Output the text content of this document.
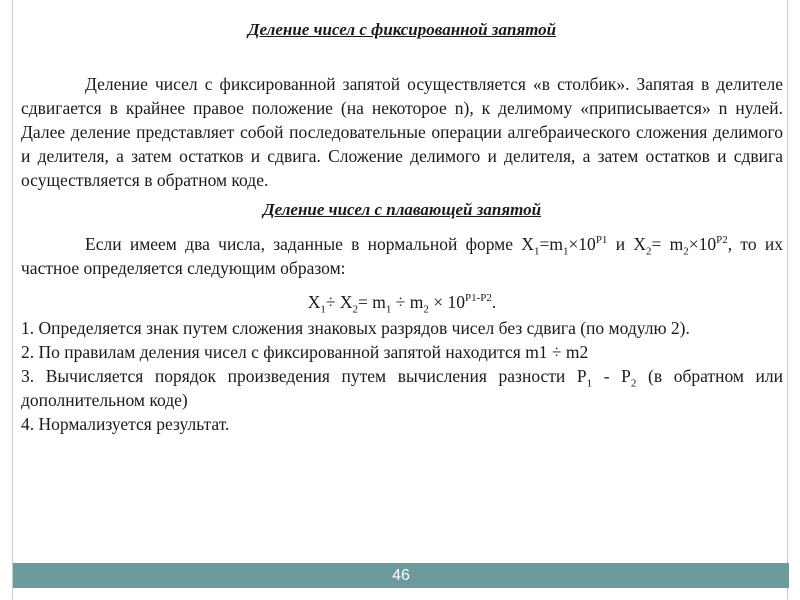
Деление чисел с фиксированной запятой

Деление чисел с фиксированной запятой осуществляется «в столбик». Запятая в делителе сдвигается в крайнее правое положение (на некоторое n), к делимому «приписывается» n нулей. Далее деление представляет собой последовательные операции алгебраического сложения делимого и делителя, а затем остатков и сдвига. Сложение делимого и делителя, а затем остатков и сдвига осуществляется в обратном коде.

Деление чисел с плавающей запятой

Если имеем два числа, заданные в нормальной форме $X_1=m_1\times 10^{P1}$ и $X_2= m_2\times 10^{P2}$, то их частное определяется следующим образом:

$X_1\div X_2= m_1 \div m_2 \times 10^{P1-P2}$.

1. Определяется знак путем сложения знаковых разрядов чисел без сдвига (по модулю 2).

2. По правилам деления чисел с фиксированной запятой находится m1 ÷ m2

3. Вычисляется порядок произведения путем вычисления разности $P_1 - P_2$ (в обратном или дополнительном коде)

4. Нормализуется результат.

46
